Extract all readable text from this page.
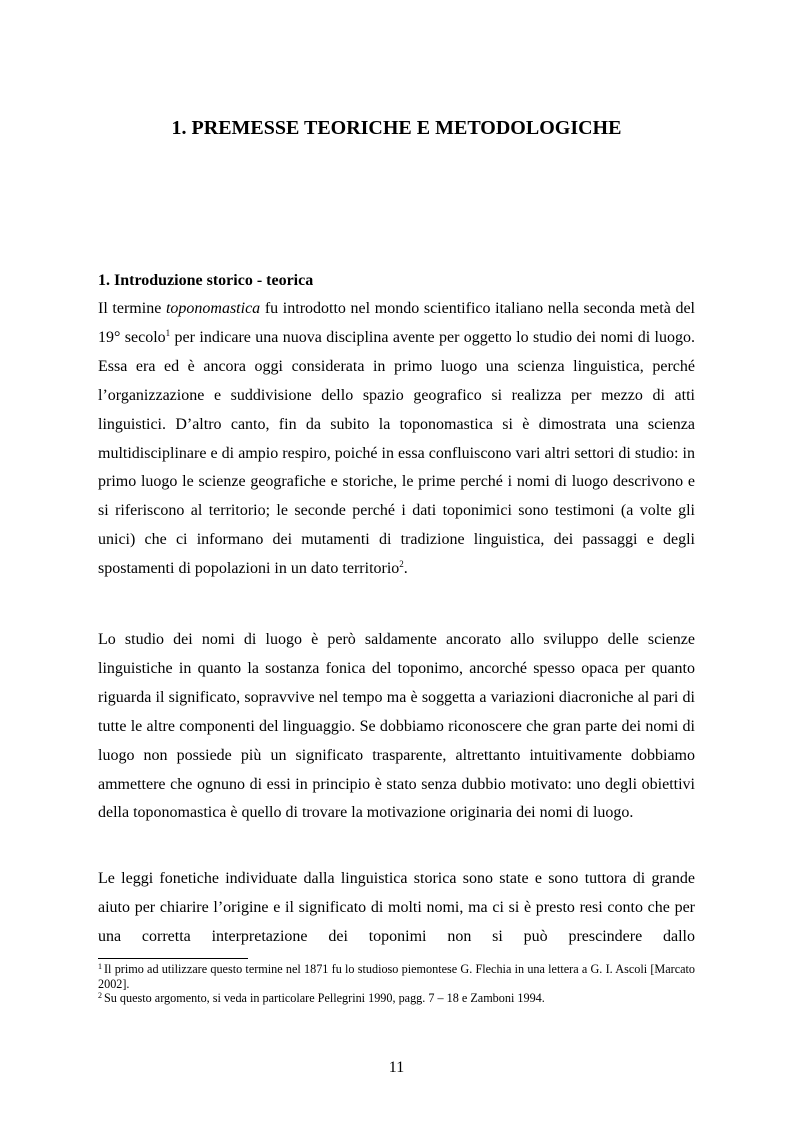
1. PREMESSE TEORICHE E METODOLOGICHE
1. Introduzione storico - teorica

Il termine toponomastica fu introdotto nel mondo scientifico italiano nella seconda metà del 19° secolo$^1$ per indicare una nuova disciplina avente per oggetto lo studio dei nomi di luogo. Essa era ed è ancora oggi considerata in primo luogo una scienza linguistica, perché l’organizzazione e suddivisione dello spazio geografico si realizza per mezzo di atti linguistici. D’altro canto, fin da subito la toponomastica si è dimostrata una scienza multidisciplinare e di ampio respiro, poiché in essa confluiscono vari altri settori di studio: in primo luogo le scienze geografiche e storiche, le prime perché i nomi di luogo descrivono e si riferiscono al territorio; le seconde perché i dati toponimici sono testimoni (a volte gli unici) che ci informano dei mutamenti di tradizione linguistica, dei passaggi e degli spostamenti di popolazioni in un dato territorio$^2$.

Lo studio dei nomi di luogo è però saldamente ancorato allo sviluppo delle scienze linguistiche in quanto la sostanza fonica del toponimo, ancorché spesso opaca per quanto riguarda il significato, sopravvive nel tempo ma è soggetta a variazioni diacroniche al pari di tutte le altre componenti del linguaggio. Se dobbiamo riconoscere che gran parte dei nomi di luogo non possiede più un significato trasparente, altrettanto intuitivamente dobbiamo ammettere che ognuno di essi in principio è stato senza dubbio motivato: uno degli obiettivi della toponomastica è quello di trovare la motivazione originaria dei nomi di luogo.

Le leggi fonetiche individuate dalla linguistica storica sono state e sono tuttora di grande aiuto per chiarire l’origine e il significato di molti nomi, ma ci si è presto resi conto che per una corretta interpretazione dei toponimi non si può prescindere dallo

$^1$ Il primo ad utilizzare questo termine nel 1871 fu lo studioso piemontese G. Flechia in una lettera a G. I. Ascoli [Marcato 2002].

$^2$ Su questo argomento, si veda in particolare Pellegrini 1990, pagg. 7 – 18 e Zamboni 1994.

11
